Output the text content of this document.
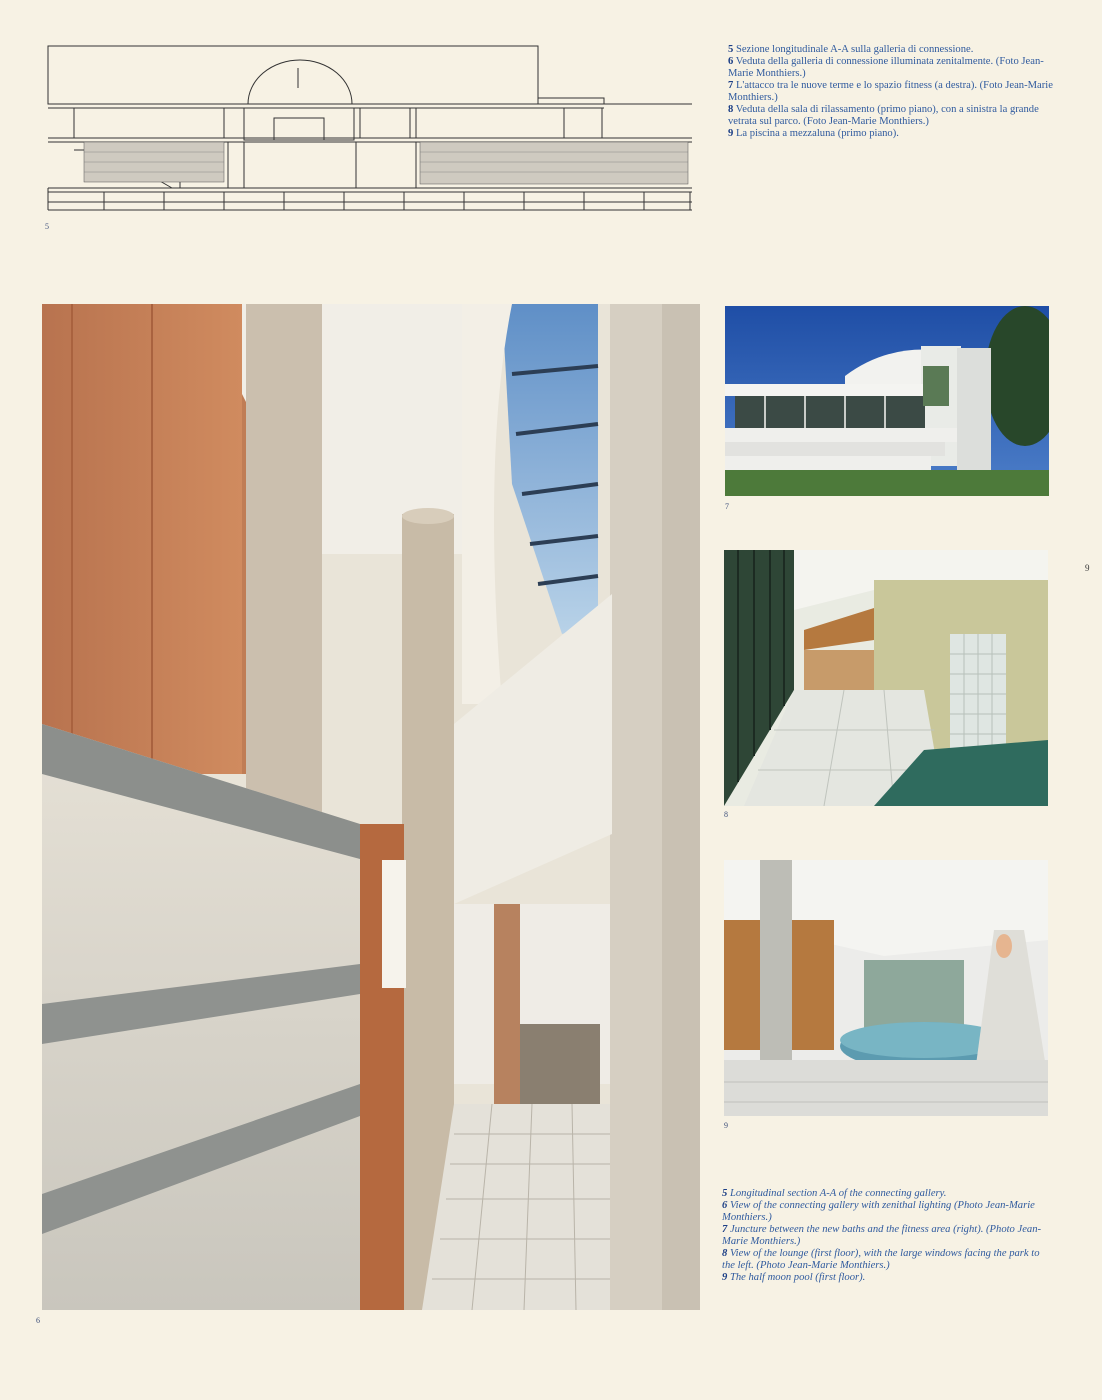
5
5 Sezione longitudinale A-A sulla galleria di connessione.
6 Veduta della galleria di connessione illuminata zenitalmente. (Foto Jean-Marie Monthiers.)
7 L'attacco tra le nuove terme e lo spazio fitness (a destra). (Foto Jean-Marie Monthiers.)
8 Veduta della sala di rilassamento (primo piano), con a sinistra la grande vetrata sul parco. (Foto Jean-Marie Monthiers.)
9 La piscina a mezzaluna (primo piano).
6
7
8
9
9
5 Longitudinal section A-A of the connecting gallery.
6 View of the connecting gallery with zenithal lighting (Photo Jean-Marie Monthiers.)
7 Juncture between the new baths and the fitness area (right). (Photo Jean-Marie Monthiers.)
8 View of the lounge (first floor), with the large windows facing the park to the left. (Photo Jean-Marie Monthiers.)
9 The half moon pool (first floor).
